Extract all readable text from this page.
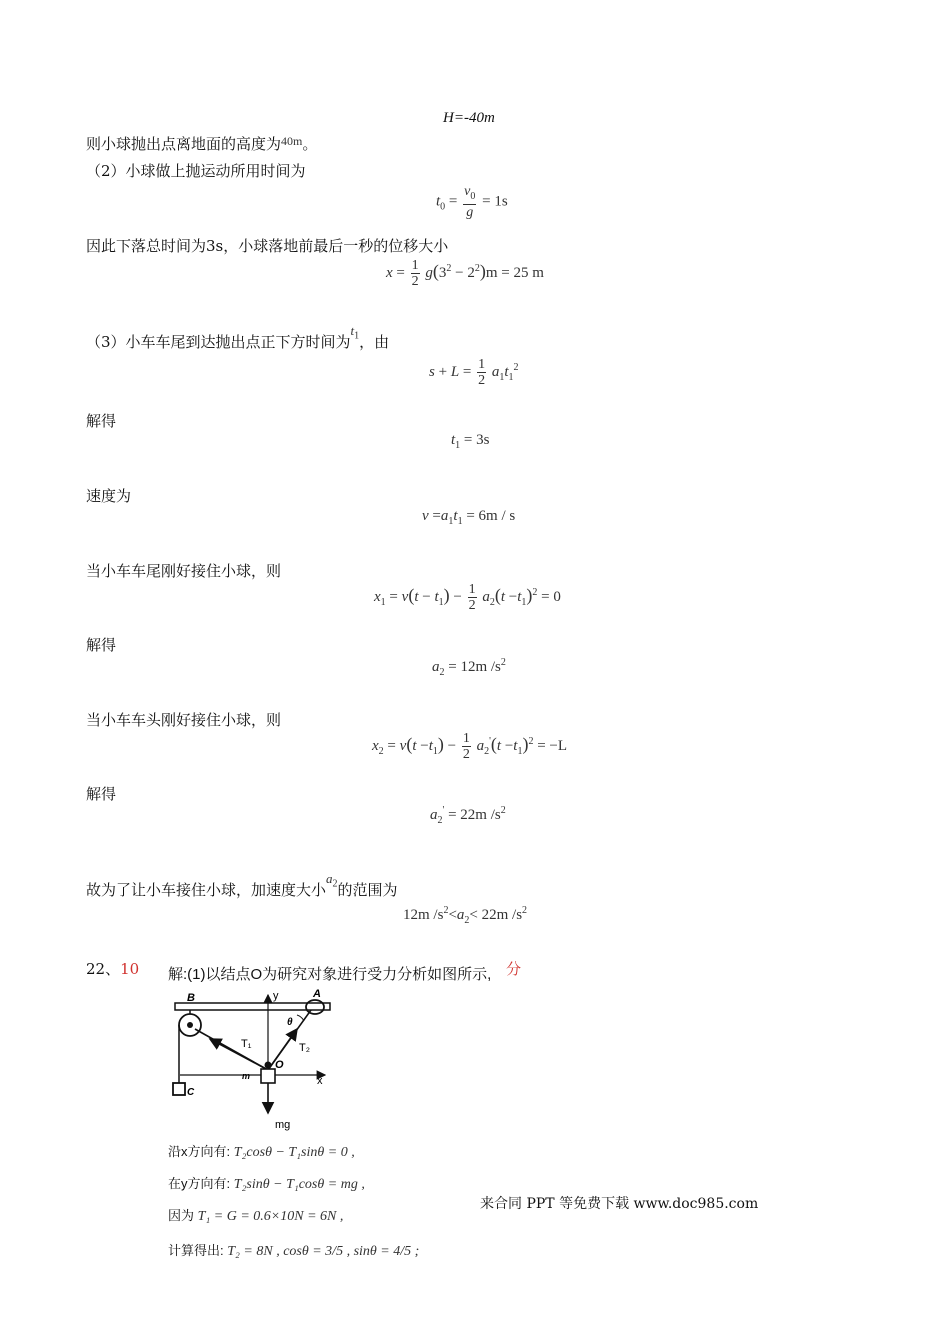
H=-40m
则小球抛出点离地面的高度为$^{40m}$。
（2）小球做上抛运动所用时间为
$t_0 = \frac{v_0}{g} = 1s$
因此下落总时间为3s，小球落地前最后一秒的位移大小
$x = \frac{1}{2} g(3^2 - 2^2)m = 25$ m
（3）小车车尾到达抛出点正下方时间为$t_1$，由
$s + L = \frac{1}{2} a_1t_1^2$
解得
$t_1 = 3s$
速度为
$v =a_1t_1 = 6m / s$
当小车车尾刚好接住小球，则
$x_1 = v(t - t_1) - \frac{1}{2} a_2(t -t_1)^2 = 0$
解得
$a_2 = 12m$ $/s^2$
当小车车头刚好接住小球，则
$x_2 = v(t -t_1) - \frac{1}{2} a_2'(t -t_1)^2 = -L$
解得
$a_2' = 22m$ $/s^2$
故为了让小车接住小球，加速度大小$a_2$的范围为
12m $/s^2<a_2< 22m$ $/s^2$
22、10	分
解:(1)以结点O为研究对象进行受力分析如图所示,
B	A
y
x
θ
T₁	T₂
O
m
C
mg
沿x方向有: T₂cosθ − T₁sinθ = 0 ,
在y方向有: T₂sinθ − T₁cosθ = mg ,
因为 T₁ = G = 0.6×10N = 6N ,
计算得出: T₂ = 8N , cosθ = 3/5 , sinθ = 4/5 ;
来合同 PPT 等免费下载 www.doc985.com
